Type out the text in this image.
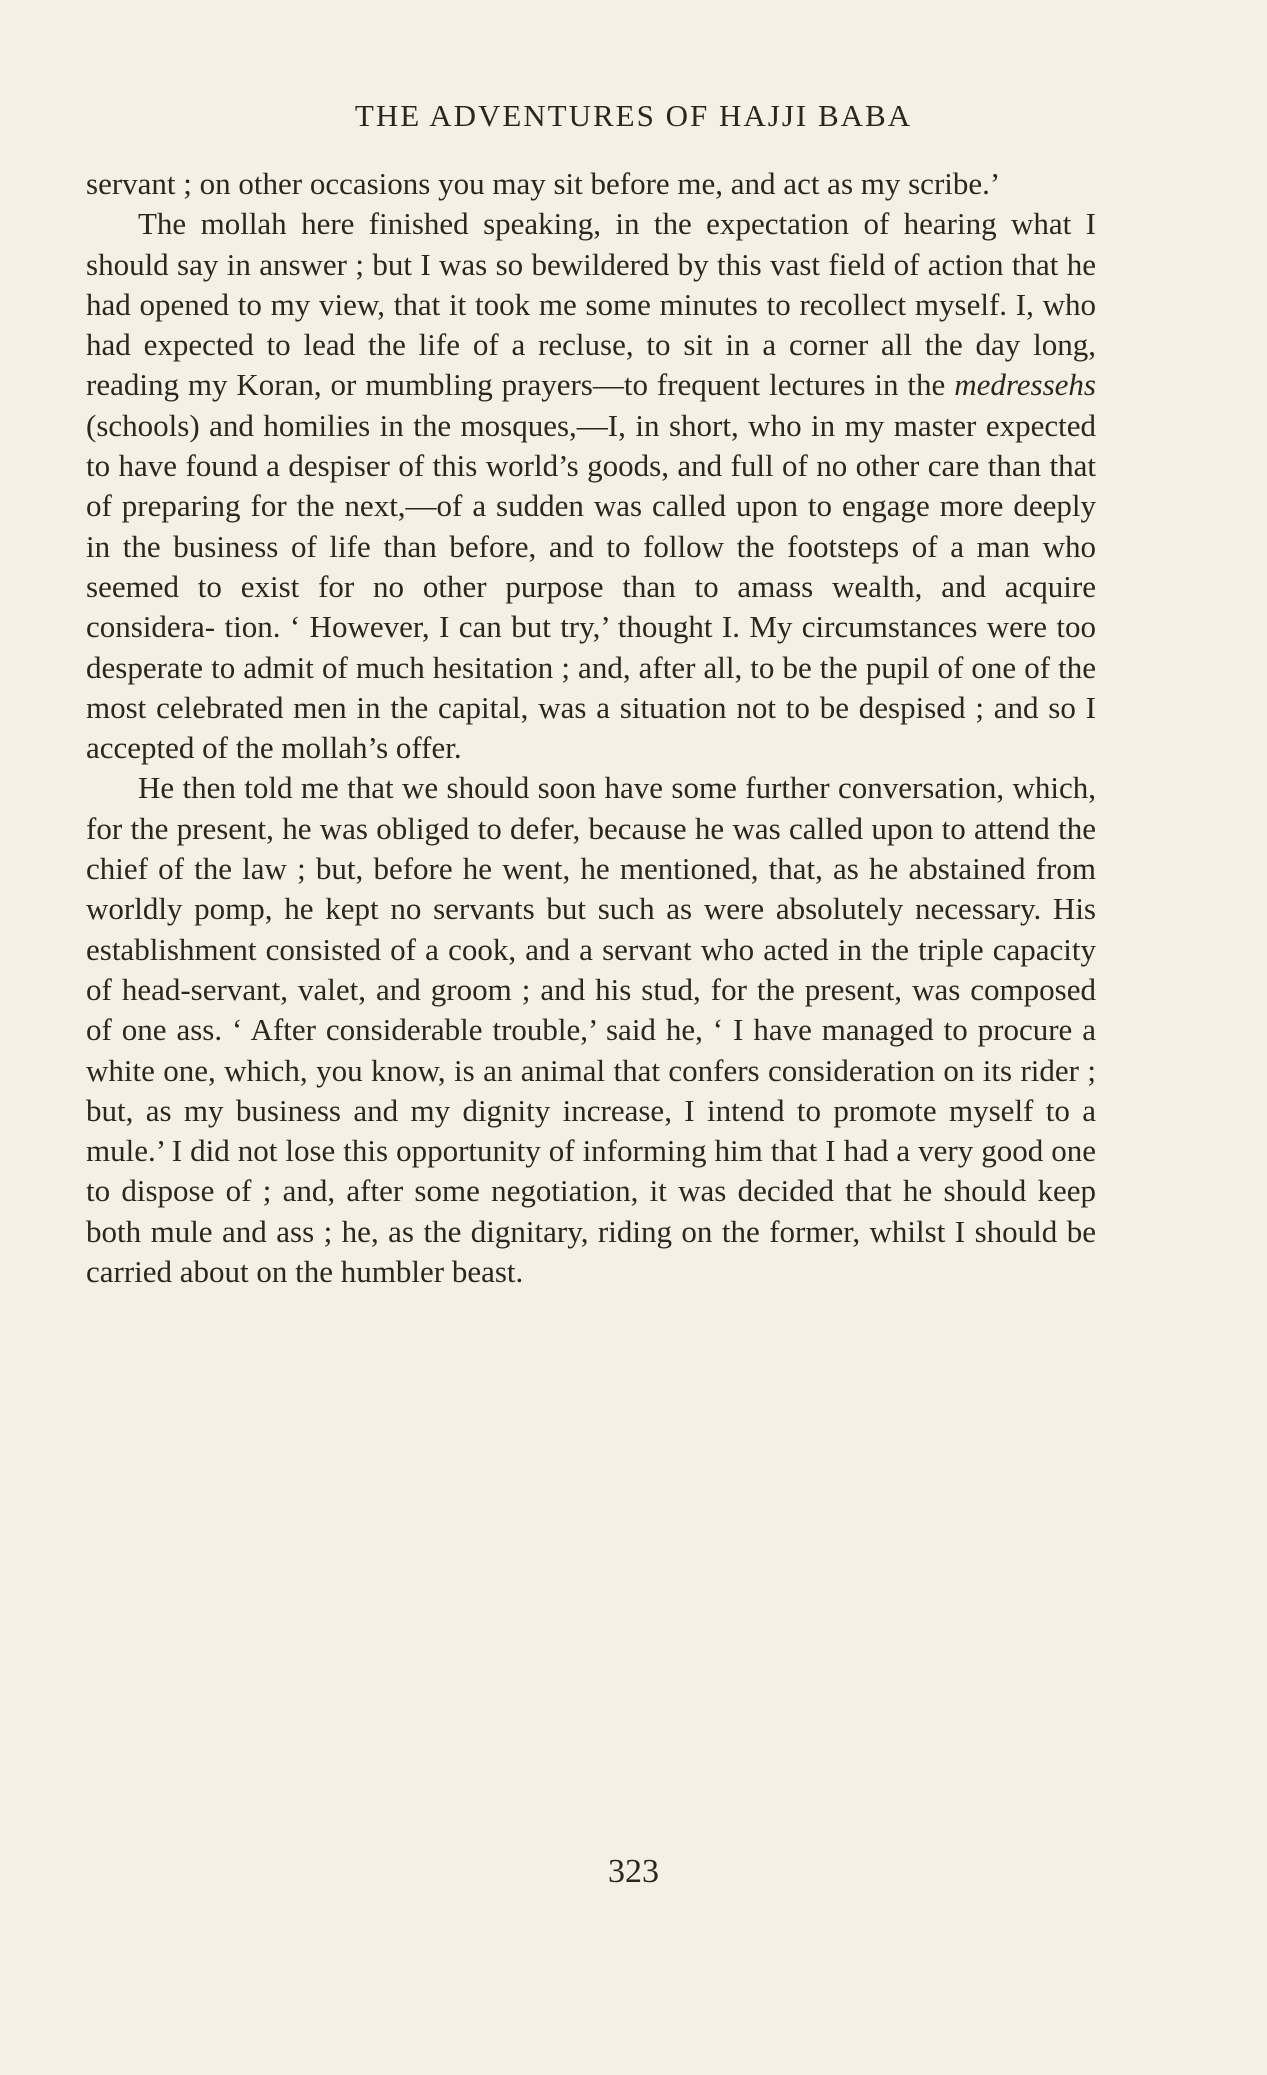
THE ADVENTURES OF HAJJI BABA

servant ; on other occasions you may sit before me, and act as my scribe.’

The mollah here finished speaking, in the expectation of hearing what I should say in answer ; but I was so bewildered by this vast field of action that he had opened to my view, that it took me some minutes to recollect myself. I, who had expected to lead the life of a recluse, to sit in a corner all the day long, reading my Koran, or mumbling prayers—to frequent lectures in the medressehs (schools) and homilies in the mosques,—I, in short, who in my master expected to have found a despiser of this world’s goods, and full of no other care than that of preparing for the next,—of a sudden was called upon to engage more deeply in the business of life than before, and to follow the footsteps of a man who seemed to exist for no other purpose than to amass wealth, and acquire considera- tion. ‘ However, I can but try,’ thought I. My circumstances were too desperate to admit of much hesitation ; and, after all, to be the pupil of one of the most celebrated men in the capital, was a situation not to be despised ; and so I accepted of the mollah’s offer.

He then told me that we should soon have some further conversation, which, for the present, he was obliged to defer, because he was called upon to attend the chief of the law ; but, before he went, he mentioned, that, as he abstained from worldly pomp, he kept no servants but such as were absolutely necessary. His establishment consisted of a cook, and a servant who acted in the triple capacity of head-servant, valet, and groom ; and his stud, for the present, was composed of one ass. ‘ After considerable trouble,’ said he, ‘ I have managed to procure a white one, which, you know, is an animal that confers consideration on its rider ; but, as my business and my dignity increase, I intend to promote myself to a mule.’ I did not lose this opportunity of informing him that I had a very good one to dispose of ; and, after some negotiation, it was decided that he should keep both mule and ass ; he, as the dignitary, riding on the former, whilst I should be carried about on the humbler beast.

323
